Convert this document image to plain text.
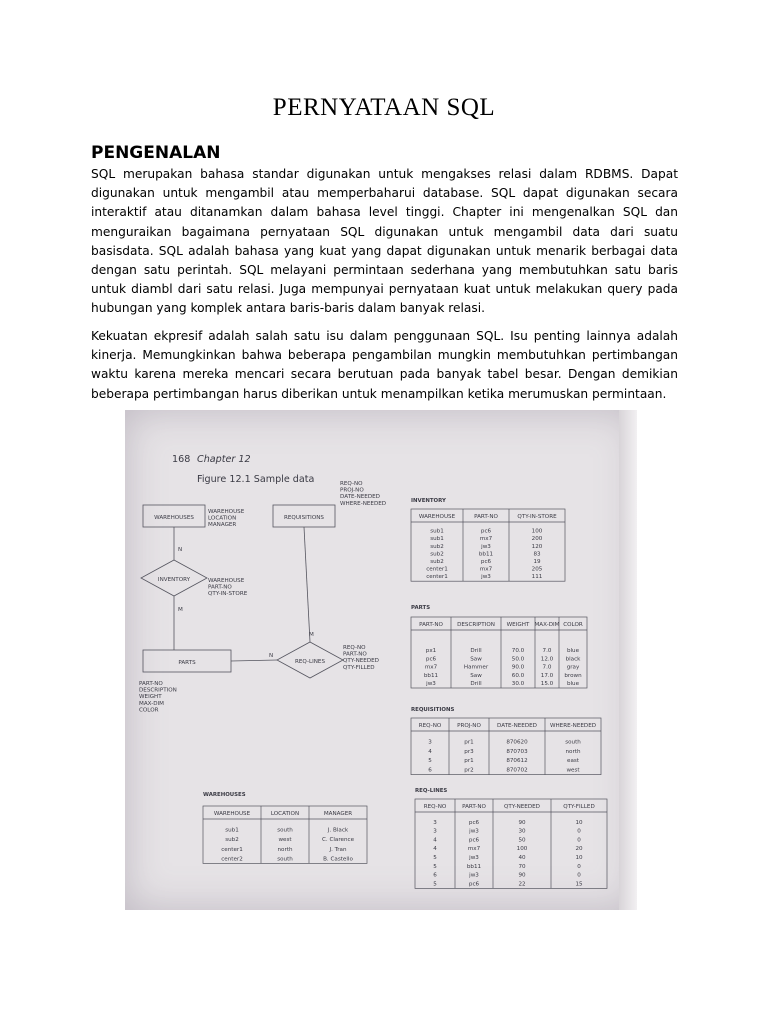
PERNYATAAN SQL
PENGENALAN
SQL merupakan bahasa standar digunakan untuk mengakses relasi dalam RDBMS. Dapat digunakan untuk mengambil atau memperbaharui database. SQL dapat digunakan secara interaktif atau ditanamkan dalam bahasa level tinggi. Chapter ini mengenalkan SQL dan menguraikan bagaimana pernyataan SQL digunakan untuk mengambil data dari suatu basisdata. SQL adalah bahasa yang kuat yang dapat digunakan untuk menarik berbagai data dengan satu perintah. SQL melayani permintaan sederhana yang membutuhkan satu baris untuk diambl dari satu relasi. Juga mempunyai pernyataan kuat untuk melakukan query pada hubungan yang komplek antara baris-baris dalam banyak relasi.
Kekuatan ekpresif adalah salah satu isu dalam penggunaan SQL. Isu penting lainnya adalah kinerja. Memungkinkan bahwa beberapa pengambilan mungkin membutuhkan pertimbangan waktu karena mereka mencari secara berutuan pada banyak tabel besar. Dengan demikian beberapa pertimbangan harus diberikan untuk menampilkan ketika merumuskan permintaan.
168 Chapter 12
Figure 12.1 Sample data
WAREHOUSES	REQUISITIONS
INVENTORY
PARTS	REQ-LINES
N
M
M
N
WAREHOUSE
LOCATION
MANAGER
REQ-NO
PROJ-NO
DATE-NEEDED
WHERE-NEEDED
WAREHOUSE
PART-NO
QTY-IN-STORE
PART-NO
DESCRIPTION
WEIGHT
MAX-DIM
COLOR
REQ-NO
PART-NO
QTY-NEEDED
QTY-FILLED
INVENTORY
WAREHOUSE	PART-NO	QTY-IN-STORE
sub1	pc6	100
sub1	mx7	200
sub2	jw3	120
sub2	bb11	83
sub2	pc6	19
center1	mx7	205
center1	jw3	111
PARTS
PART-NO	DESCRIPTION WEIGHT MAX-DIM COLOR
px1	Drill	70.0	7.0	blue
pc6	Saw	50.0	12.0 black
mx7	Hammer	90.0	7.0	gray
bb11	Saw	60.0	17.0 brown
jw3	Drill	30.0	15.0 blue
REQUISITIONS
REQ-NO	PROJ-NO	DATE-NEEDED WHERE-NEEDED
3	pr1	870620	south
4	pr3	870703	north
5	pr1	870612	east
6	pr2	870702	west
WAREHOUSES
WAREHOUSE	LOCATION	MANAGER
sub1	south	J. Black
sub2	west	C. Clarence
center1	north	J. Tran
center2	south	B. Castello
REQ-LINES
REQ-NO	PART-NO	QTY-NEEDED	QTY-FILLED
3	pc6	90	10
3	jw3	30	0
4	pc6	50	0
4	mx7	100	20
5	jw3	40	10
5	bb11	70	0
6	jw3	90	0
5	pc6	22	15
